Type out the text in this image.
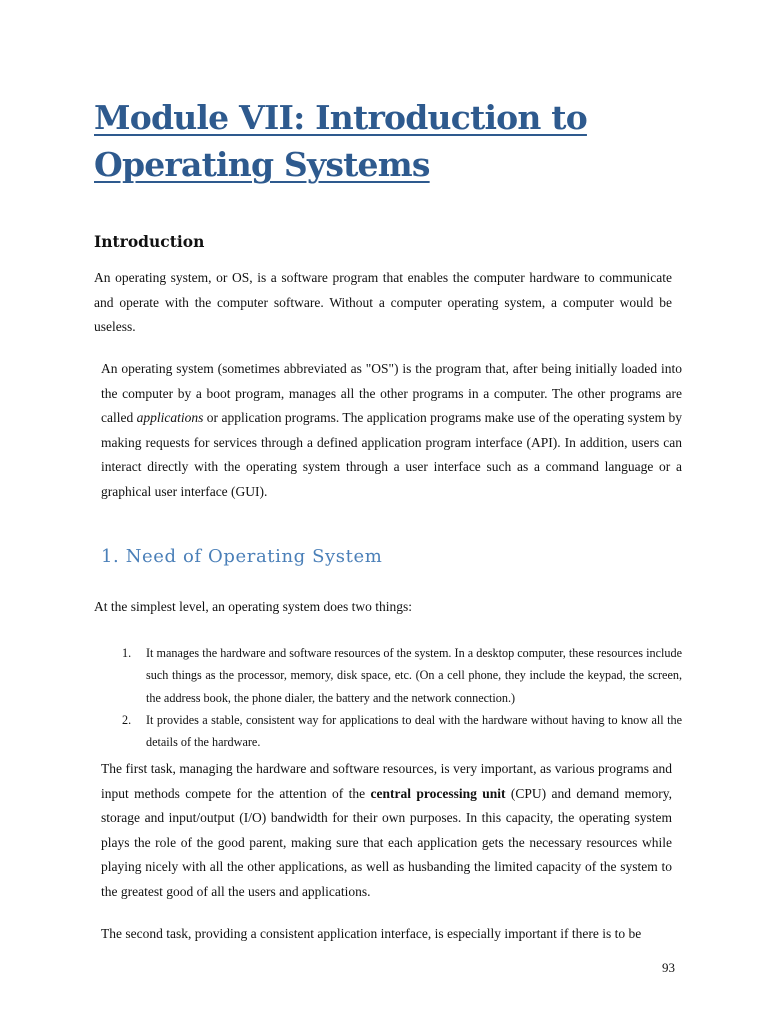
Module VII: Introduction to
Operating Systems
Introduction

An operating system, or OS, is a software program that enables the computer hardware to communicate and operate with the computer software. Without a computer operating system, a computer would be useless.

An operating system (sometimes abbreviated as "OS") is the program that, after being initially loaded into the computer by a boot program, manages all the other programs in a computer. The other programs are called applications or application programs. The application programs make use of the operating system by making requests for services through a defined application program interface (API). In addition, users can interact directly with the operating system through a user interface such as a command language or a graphical user interface (GUI).

1. Need of Operating System

At the simplest level, an operating system does two things:

1. It manages the hardware and software resources of the system. In a desktop computer, these resources include such things as the processor, memory, disk space, etc. (On a cell phone, they include the keypad, the screen, the address book, the phone dialer, the battery and the network connection.)
2. It provides a stable, consistent way for applications to deal with the hardware without having to know all the details of the hardware.

The first task, managing the hardware and software resources, is very important, as various programs and input methods compete for the attention of the central processing unit (CPU) and demand memory, storage and input/output (I/O) bandwidth for their own purposes. In this capacity, the operating system plays the role of the good parent, making sure that each application gets the necessary resources while playing nicely with all the other applications, as well as husbanding the limited capacity of the system to the greatest good of all the users and applications.

The second task, providing a consistent application interface, is especially important if there is to be

93
